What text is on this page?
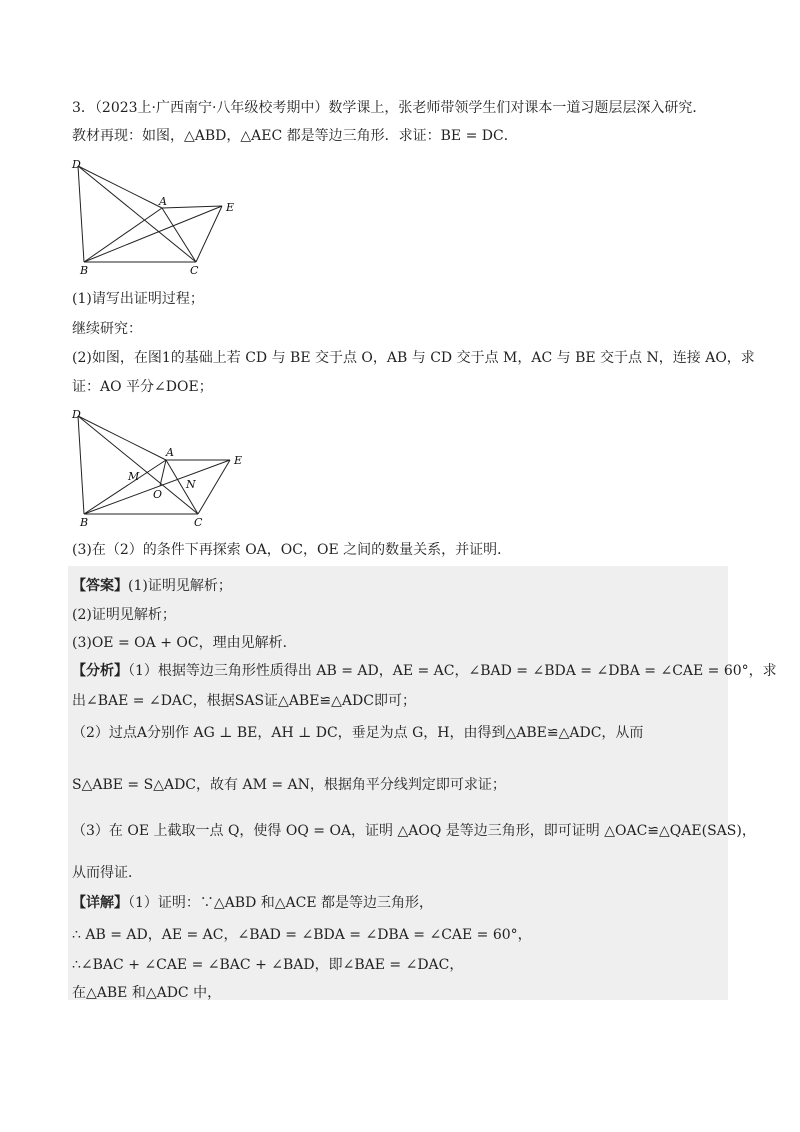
3．（2023上·广西南宁·八年级校考期中）数学课上，张老师带领学生们对课本一道习题层层深入研究．
教材再现：如图，△ABD，△AEC 都是等边三角形．求证：BE = DC．
D
A	E
B	C
(1)请写出证明过程；
继续研究：
(2)如图，在图1的基础上若 CD 与 BE 交于点 O，AB 与 CD 交于点 M，AC 与 BE 交于点 N，连接 AO，求
证：AO 平分∠DOE；
D
A
E
M
N
O
B	C
(3)在（2）的条件下再探索 OA，OC，OE 之间的数量关系，并证明．
【答案】(1)证明见解析；
(2)证明见解析；
(3)OE = OA + OC，理由见解析．
【分析】（1）根据等边三角形性质得出 AB = AD，AE = AC，∠BAD = ∠BDA = ∠DBA = ∠CAE = 60°，求
出∠BAE = ∠DAC，根据SAS证△ABE≌△ADC即可；
（2）过点A分别作 AG ⊥ BE，AH ⊥ DC，垂足为点 G，H，由得到△ABE≌△ADC，从而
S△ABE = S△ADC，故有 AM = AN，根据角平分线判定即可求证；
（3）在 OE 上截取一点 Q，使得 OQ = OA，证明 △AOQ 是等边三角形，即可证明 △OAC≌△QAE(SAS)，
从而得证．
【详解】（1）证明：∵△ABD 和△ACE 都是等边三角形，
∴ AB = AD，AE = AC，∠BAD = ∠BDA = ∠DBA = ∠CAE = 60°，
∴∠BAC + ∠CAE = ∠BAC + ∠BAD，即∠BAE = ∠DAC，
在△ABE 和△ADC 中，
